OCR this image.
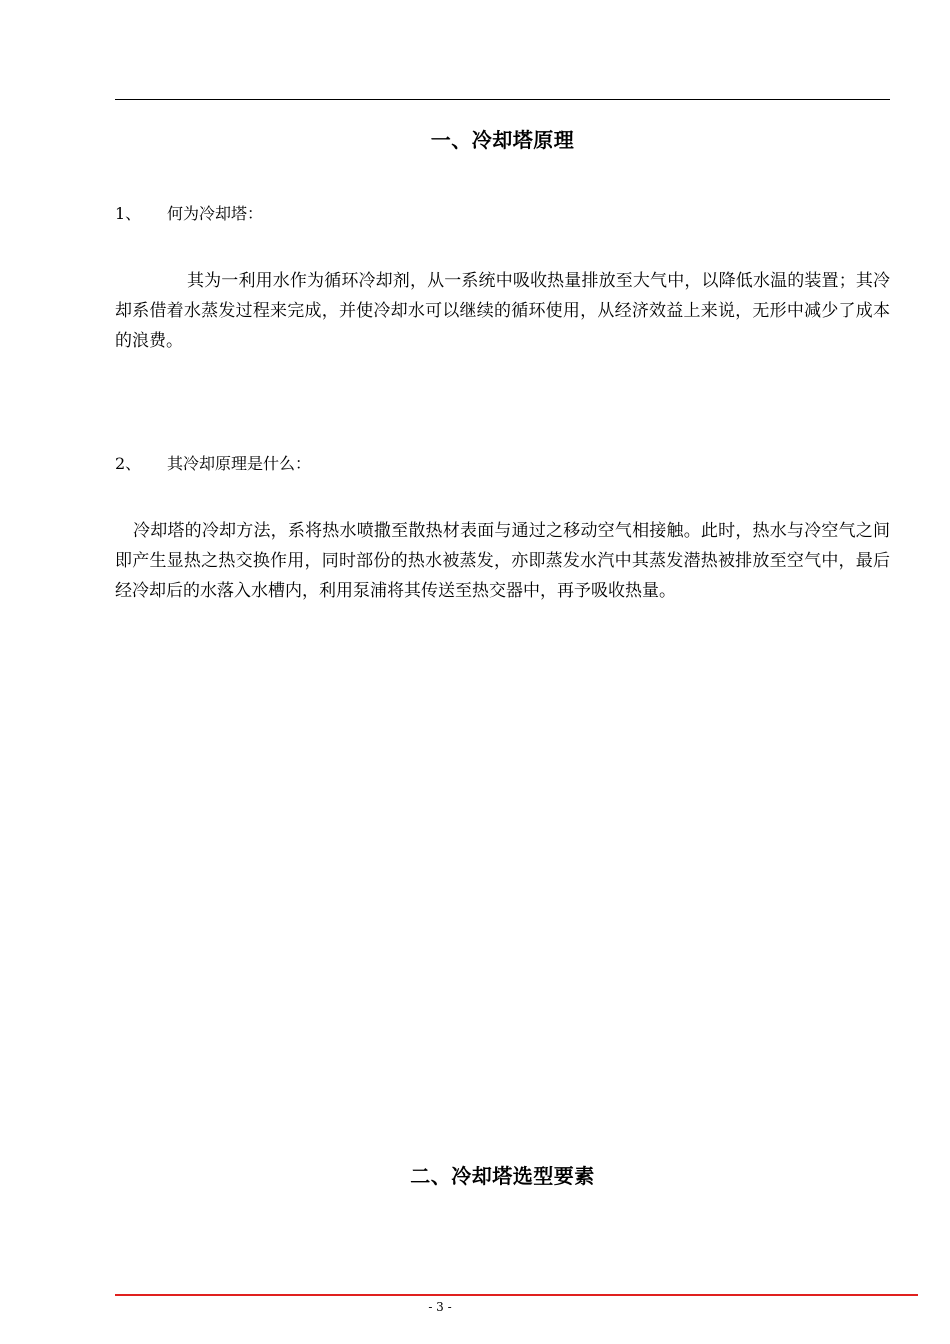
一、冷却塔原理
1、 何为冷却塔：

其为一利用水作为循环冷却剂，从一系统中吸收热量排放至大气中，以降低水温的装置；其冷却系借着水蒸发过程来完成，并使冷却水可以继续的循环使用，从经济效益上来说，无形中减少了成本的浪费。

2、 其冷却原理是什么：

冷却塔的冷却方法，系将热水喷撒至散热材表面与通过之移动空气相接触。此时，热水与冷空气之间即产生显热之热交换作用，同时部份的热水被蒸发，亦即蒸发水汽中其蒸发潜热被排放至空气中，最后经冷却后的水落入水槽内，利用泵浦将其传送至热交器中，再予吸收热量。

二、冷却塔选型要素
- 3 -
